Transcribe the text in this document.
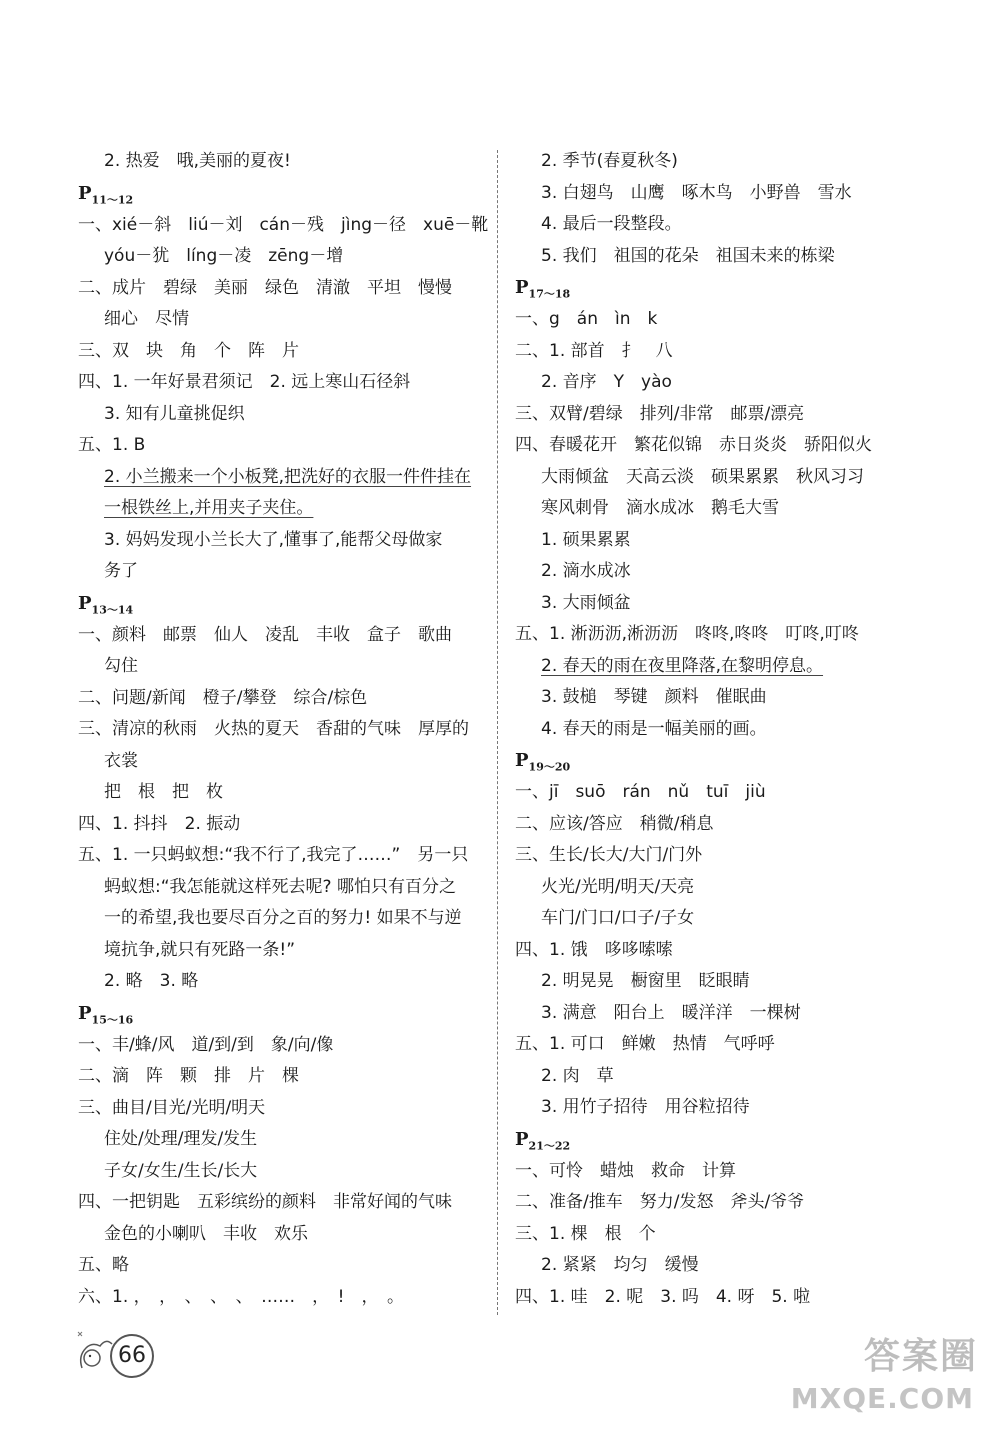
2. 热爱　哦,美丽的夏夜!
$P_{11\sim 12}$
一、xié－斜　liú－刘　cán－残　jìng－径　xuē－靴
yóu－犹　líng－凌　zēng－增
二、成片　碧绿　美丽　绿色　清澈　平坦　慢慢
细心　尽情
三、双　块　角　个　阵　片
四、1. 一年好景君须记　2. 远上寒山石径斜
3. 知有儿童挑促织
五、1. B
2. 小兰搬来一个小板凳,把洗好的衣服一件件挂在
一根铁丝上,并用夹子夹住。
3. 妈妈发现小兰长大了,懂事了,能帮父母做家
务了
$P_{13\sim 14}$
一、颜料　邮票　仙人　凌乱　丰收　盒子　歌曲
勾住
二、问题/新闻　橙子/攀登　综合/棕色
三、清凉的秋雨　火热的夏天　香甜的气味　厚厚的
衣裳
把　根　把　枚
四、1. 抖抖　2. 振动
五、1. 一只蚂蚁想:“我不行了,我完了……”　另一只
蚂蚁想:“我怎能就这样死去呢? 哪怕只有百分之
一的希望,我也要尽百分之百的努力! 如果不与逆
境抗争,就只有死路一条!”
2. 略　3. 略
$P_{15\sim 16}$
一、丰/蜂/风　道/到/到　象/向/像
二、滴　阵　颗　排　片　棵
三、曲目/目光/光明/明天
住处/处理/理发/发生
子女/女生/生长/长大
四、一把钥匙　五彩缤纷的颜料　非常好闻的气味
金色的小喇叭　丰收　欢乐
五、略
六、1. ，　，　、　、　、　……　，　!　，　。
2. 季节(春夏秋冬)
3. 白翅鸟　山鹰　啄木鸟　小野兽　雪水
4. 最后一段整段。
5. 我们　祖国的花朵　祖国未来的栋梁
$P_{17\sim 18}$
一、g　án　ìn　k
二、1. 部首　扌　八
2. 音序　Y　yào
三、双臂/碧绿　排列/非常　邮票/漂亮
四、春暖花开　繁花似锦　赤日炎炎　骄阳似火
大雨倾盆　天高云淡　硕果累累　秋风习习
寒风刺骨　滴水成冰　鹅毛大雪
1. 硕果累累
2. 滴水成冰
3. 大雨倾盆
五、1. 淅沥沥,淅沥沥　咚咚,咚咚　叮咚,叮咚
2. 春天的雨在夜里降落,在黎明停息。
3. 鼓槌　琴键　颜料　催眠曲
4. 春天的雨是一幅美丽的画。
$P_{19\sim 20}$
一、jī　suō　rán　nǔ　tuī　jiù
二、应该/答应　稍微/稍息
三、生长/长大/大门/门外
火光/光明/明天/天亮
车门/门口/口子/子女
四、1. 饿　哆哆嗦嗦
2. 明晃晃　橱窗里　眨眼睛
3. 满意　阳台上　暖洋洋　一棵树
五、1. 可口　鲜嫩　热情　气呼呼
2. 肉　草
3. 用竹子招待　用谷粒招待
$P_{21\sim 22}$
一、可怜　蜡烛　救命　计算
二、准备/推车　努力/发怒　斧头/爷爷
三、1. 棵　根　个
2. 紧紧　均匀　缓慢
四、1. 哇　2. 呢　3. 吗　4. 呀　5. 啦
66	答案圈
MXQE.COM
